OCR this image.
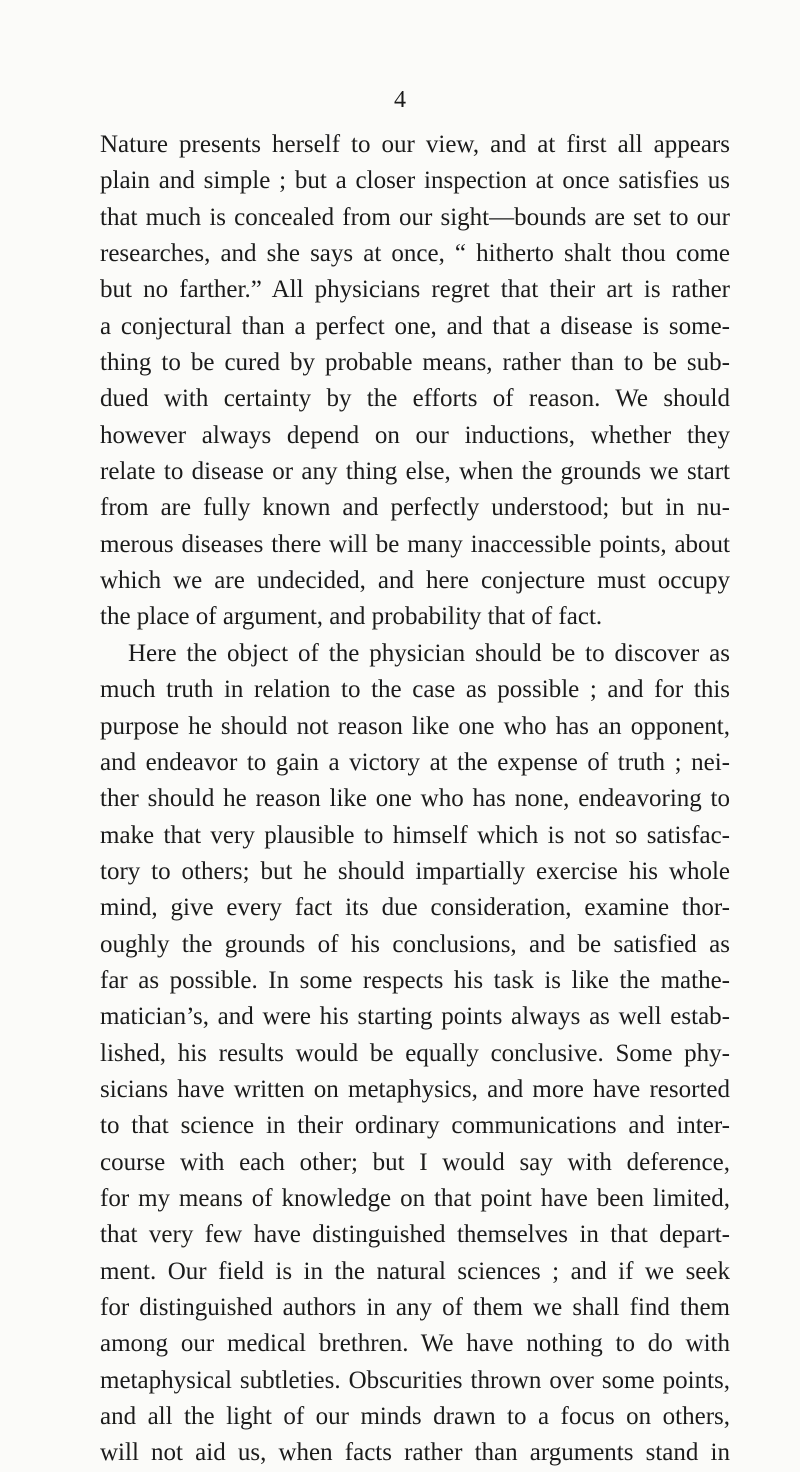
4
Nature presents herself to our view, and at first all appears
plain and simple ; but a closer inspection at once satisfies us
that much is concealed from our sight—bounds are set to our
researches, and she says at once, “ hitherto shalt thou come
but no farther.” All physicians regret that their art is rather
a conjectural than a perfect one, and that a disease is some-
thing to be cured by probable means, rather than to be sub-
dued with certainty by the efforts of reason. We should
however always depend on our inductions, whether they
relate to disease or any thing else, when the grounds we start
from are fully known and perfectly understood; but in nu-
merous diseases there will be many inaccessible points, about
which we are undecided, and here conjecture must occupy
the place of argument, and probability that of fact.
Here the object of the physician should be to discover as
much truth in relation to the case as possible ; and for this
purpose he should not reason like one who has an opponent,
and endeavor to gain a victory at the expense of truth ; nei-
ther should he reason like one who has none, endeavoring to
make that very plausible to himself which is not so satisfac-
tory to others; but he should impartially exercise his whole
mind, give every fact its due consideration, examine thor-
oughly the grounds of his conclusions, and be satisfied as
far as possible. In some respects his task is like the mathe-
matician’s, and were his starting points always as well estab-
lished, his results would be equally conclusive. Some phy-
sicians have written on metaphysics, and more have resorted
to that science in their ordinary communications and inter-
course with each other; but I would say with deference,
for my means of knowledge on that point have been limited,
that very few have distinguished themselves in that depart-
ment. Our field is in the natural sciences ; and if we seek
for distinguished authors in any of them we shall find them
among our medical brethren. We have nothing to do with
metaphysical subtleties. Obscurities thrown over some points,
and all the light of our minds drawn to a focus on others,
will not aid us, when facts rather than arguments stand in
